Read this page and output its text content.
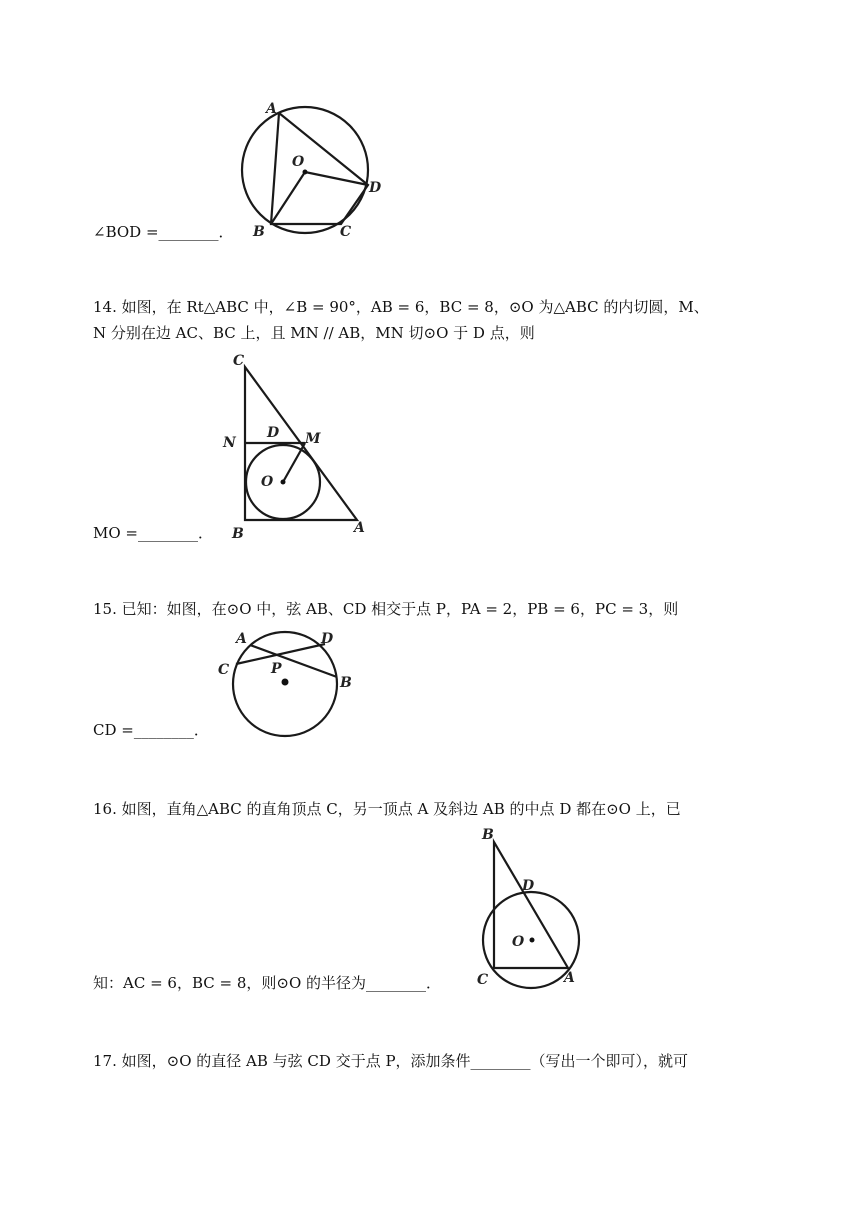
A
O
D
B	C
∠BOD =________．
14. 如图，在 Rt△ABC 中，∠B = 90°，AB = 6，BC = 8，⊙O 为△ABC 的内切圆，M、
N 分别在边 AC、BC 上，且 MN // AB，MN 切⊙O 于 D 点，则
C
N
D M
O
B	A
MO =________．
15. 已知：如图，在⊙O 中，弦 AB、CD 相交于点 P，PA = 2，PB = 6，PC = 3，则
A	D
C	P
B
CD =________．
16. 如图，直角△ABC 的直角顶点 C，另一顶点 A 及斜边 AB 的中点 D 都在⊙O 上，已
B
D
O
C	A
知：AC = 6，BC = 8，则⊙O 的半径为________．
17. 如图，⊙O 的直径 AB 与弦 CD 交于点 P，添加条件________（写出一个即可），就可
